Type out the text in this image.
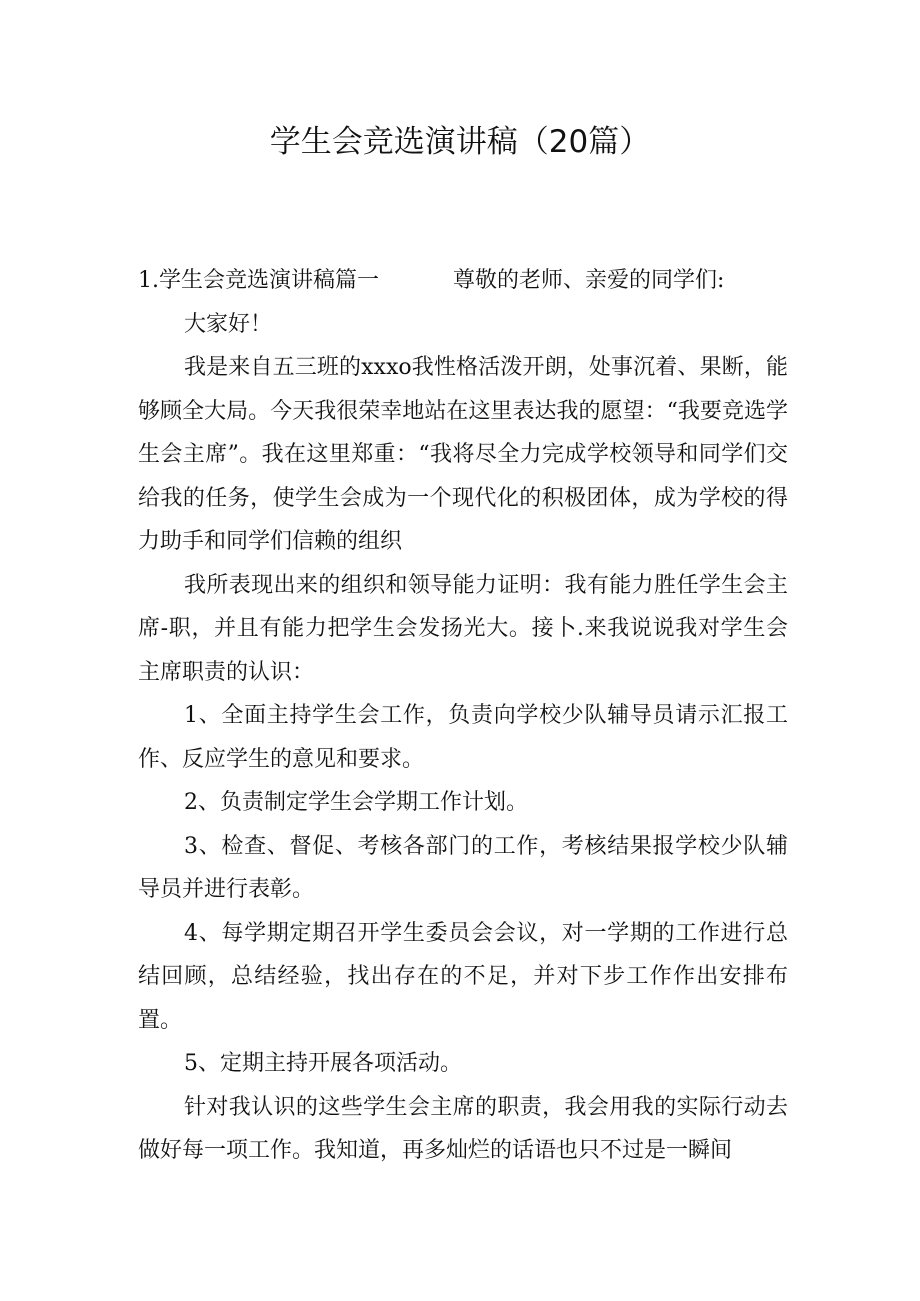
学生会竞选演讲稿（20篇）

1.学生会竞选演讲稿篇一	尊敬的老师、亲爱的同学们:

大家好！

我是来自五三班的xxxo我性格活泼开朗，处事沉着、果断，能够顾全大局。今天我很荣幸地站在这里表达我的愿望：“我要竞选学生会主席”。我在这里郑重：“我将尽全力完成学校领导和同学们交给我的任务，使学生会成为一个现代化的积极团体，成为学校的得力助手和同学们信赖的组织

我所表现出来的组织和领导能力证明：我有能力胜任学生会主席-职，并且有能力把学生会发扬光大。接卜.来我说说我对学生会主席职责的认识：

1、全面主持学生会工作，负责向学校少队辅导员请示汇报工作、反应学生的意见和要求。

2、负责制定学生会学期工作计划。

3、检查、督促、考核各部门的工作，考核结果报学校少队辅导员并进行表彰。

4、每学期定期召开学生委员会会议，对一学期的工作进行总结回顾，总结经验，找出存在的不足，并对下步工作作出安排布置。

5、定期主持开展各项活动。

针对我认识的这些学生会主席的职责，我会用我的实际行动去做好每一项工作。我知道，再多灿烂的话语也只不过是一瞬间
